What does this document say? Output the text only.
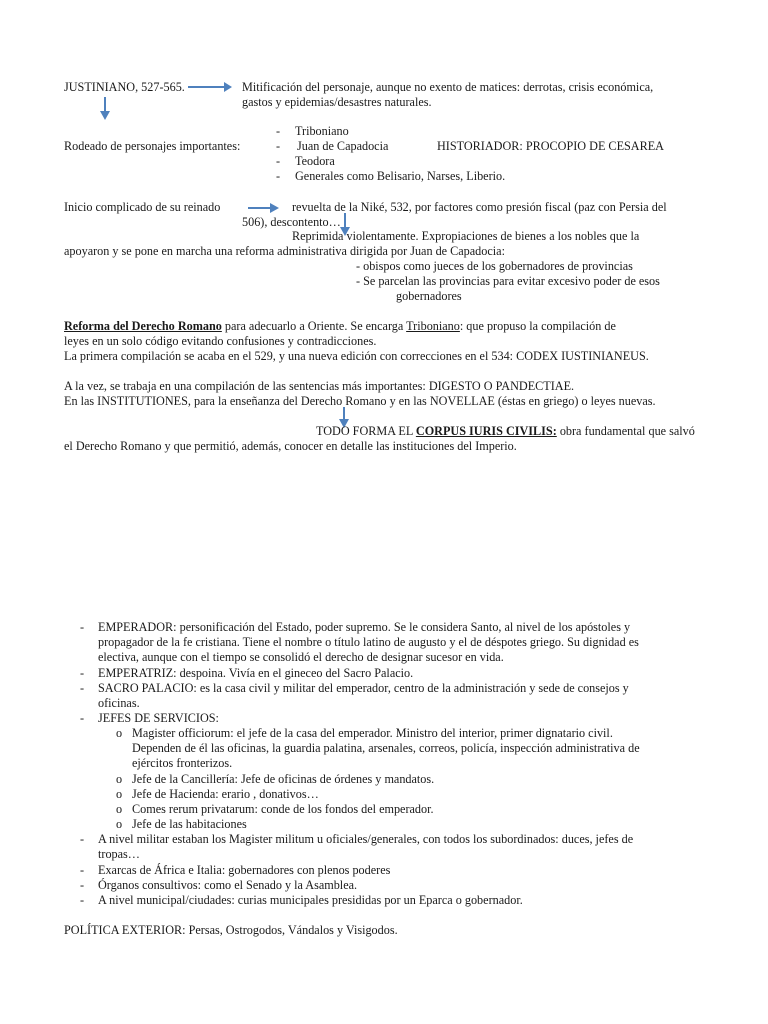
JUSTINIANO, 527-565.	Mitificación del personaje, aunque no exento de matices: derrotas, crisis económica,
gastos y epidemias/desastres naturales.
Rodeado de personajes importantes:
- Triboniano
- Juan de Capadocia
- Teodora
- Generales como Belisario, Narses, Liberio.
HISTORIADOR: PROCOPIO DE CESAREA
Inicio complicado de su reinado	revuelta de la Niké, 532, por factores como presión fiscal (paz con Persia del
506), descontento…
Reprimida violentamente. Expropiaciones de bienes a los nobles que la
apoyaron y se pone en marcha una reforma administrativa dirigida por Juan de Capadocia:
- obispos como jueces de los gobernadores de provincias
- Se parcelan las provincias para evitar excesivo poder de esos
gobernadores
Reforma del Derecho Romano para adecuarlo a Oriente. Se encarga Triboniano: que propuso la compilación de
leyes en un solo código evitando confusiones y contradicciones.
La primera compilación se acaba en el 529, y una nueva edición con correcciones en el 534: CODEX IUSTINIANEUS.
A la vez, se trabaja en una compilación de las sentencias más importantes: DIGESTO O PANDECTIAE.
En las INSTITUTIONES, para la enseñanza del Derecho Romano y en las NOVELLAE (éstas en griego) o leyes nuevas.
TODO FORMA EL CORPUS IURIS CIVILIS: obra fundamental que salvó
el Derecho Romano y que permitió, además, conocer en detalle las instituciones del Imperio.
- EMPERADOR: personificación del Estado, poder supremo. Se le considera Santo, al nivel de los apóstoles y
propagador de la fe cristiana. Tiene el nombre o título latino de augusto y el de déspotes griego. Su dignidad es
electiva, aunque con el tiempo se consolidó el derecho de designar sucesor en vida.
- EMPERATRIZ: despoina. Vivía en el gineceo del Sacro Palacio.
- SACRO PALACIO: es la casa civil y militar del emperador, centro de la administración y sede de consejos y
oficinas.
- JEFES DE SERVICIOS:
o Magister officiorum: el jefe de la casa del emperador. Ministro del interior, primer dignatario civil.
Dependen de él las oficinas, la guardia palatina, arsenales, correos, policía, inspección administrativa de
ejércitos fronterizos.
o Jefe de la Cancillería: Jefe de oficinas de órdenes y mandatos.
o Jefe de Hacienda: erario , donativos…
o Comes rerum privatarum: conde de los fondos del emperador.
o Jefe de las habitaciones
- A nivel militar estaban los Magister militum u oficiales/generales, con todos los subordinados: duces, jefes de
tropas…
- Exarcas de África e Italia: gobernadores con plenos poderes
- Órganos consultivos: como el Senado y la Asamblea.
- A nivel municipal/ciudades: curias municipales presididas por un Eparca o gobernador.
POLÍTICA EXTERIOR: Persas, Ostrogodos, Vándalos y Visigodos.
